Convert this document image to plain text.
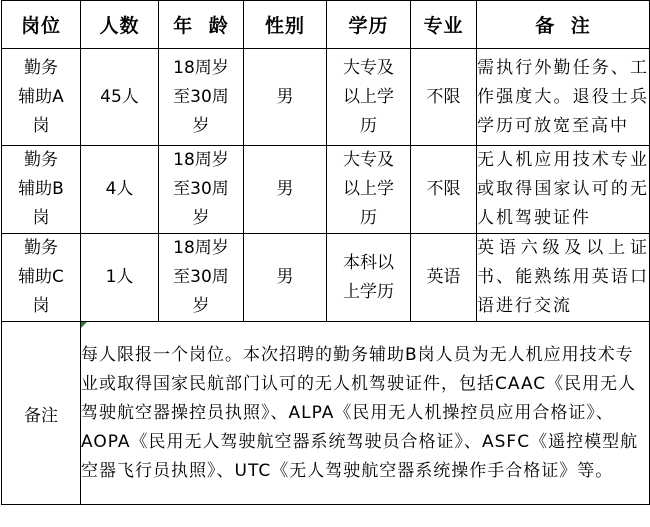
岗位	人数	年 龄	性别	学历	专业	备 注
勤务辅助A岗	45人	18周岁至30周岁	男	大专及以上学历	不限	需执行外勤任务、工作强度大。退役士兵学历可放宽至高中
勤务辅助B岗	4人	18周岁至30周岁	男	大专及以上学历	不限	无人机应用技术专业或取得国家认可的无人机驾驶证件
勤务辅助C岗	1人	18周岁至30周岁	男	本科以上学历	英语	英语六级及以上证书、能熟练用英语口语进行交流
备注	每人限报一个岗位。本次招聘的勤务辅助B岗人员为无人机应用技术专业或取得国家民航部门认可的无人机驾驶证件，包括CAAC《民用无人驾驶航空器操控员执照》、ALPA《民用无人机操控员应用合格证》、AOPA《民用无人驾驶航空器系统驾驶员合格证》、ASFC《遥控模型航空器飞行员执照》、UTC《无人驾驶航空器系统操作手合格证》等。					
